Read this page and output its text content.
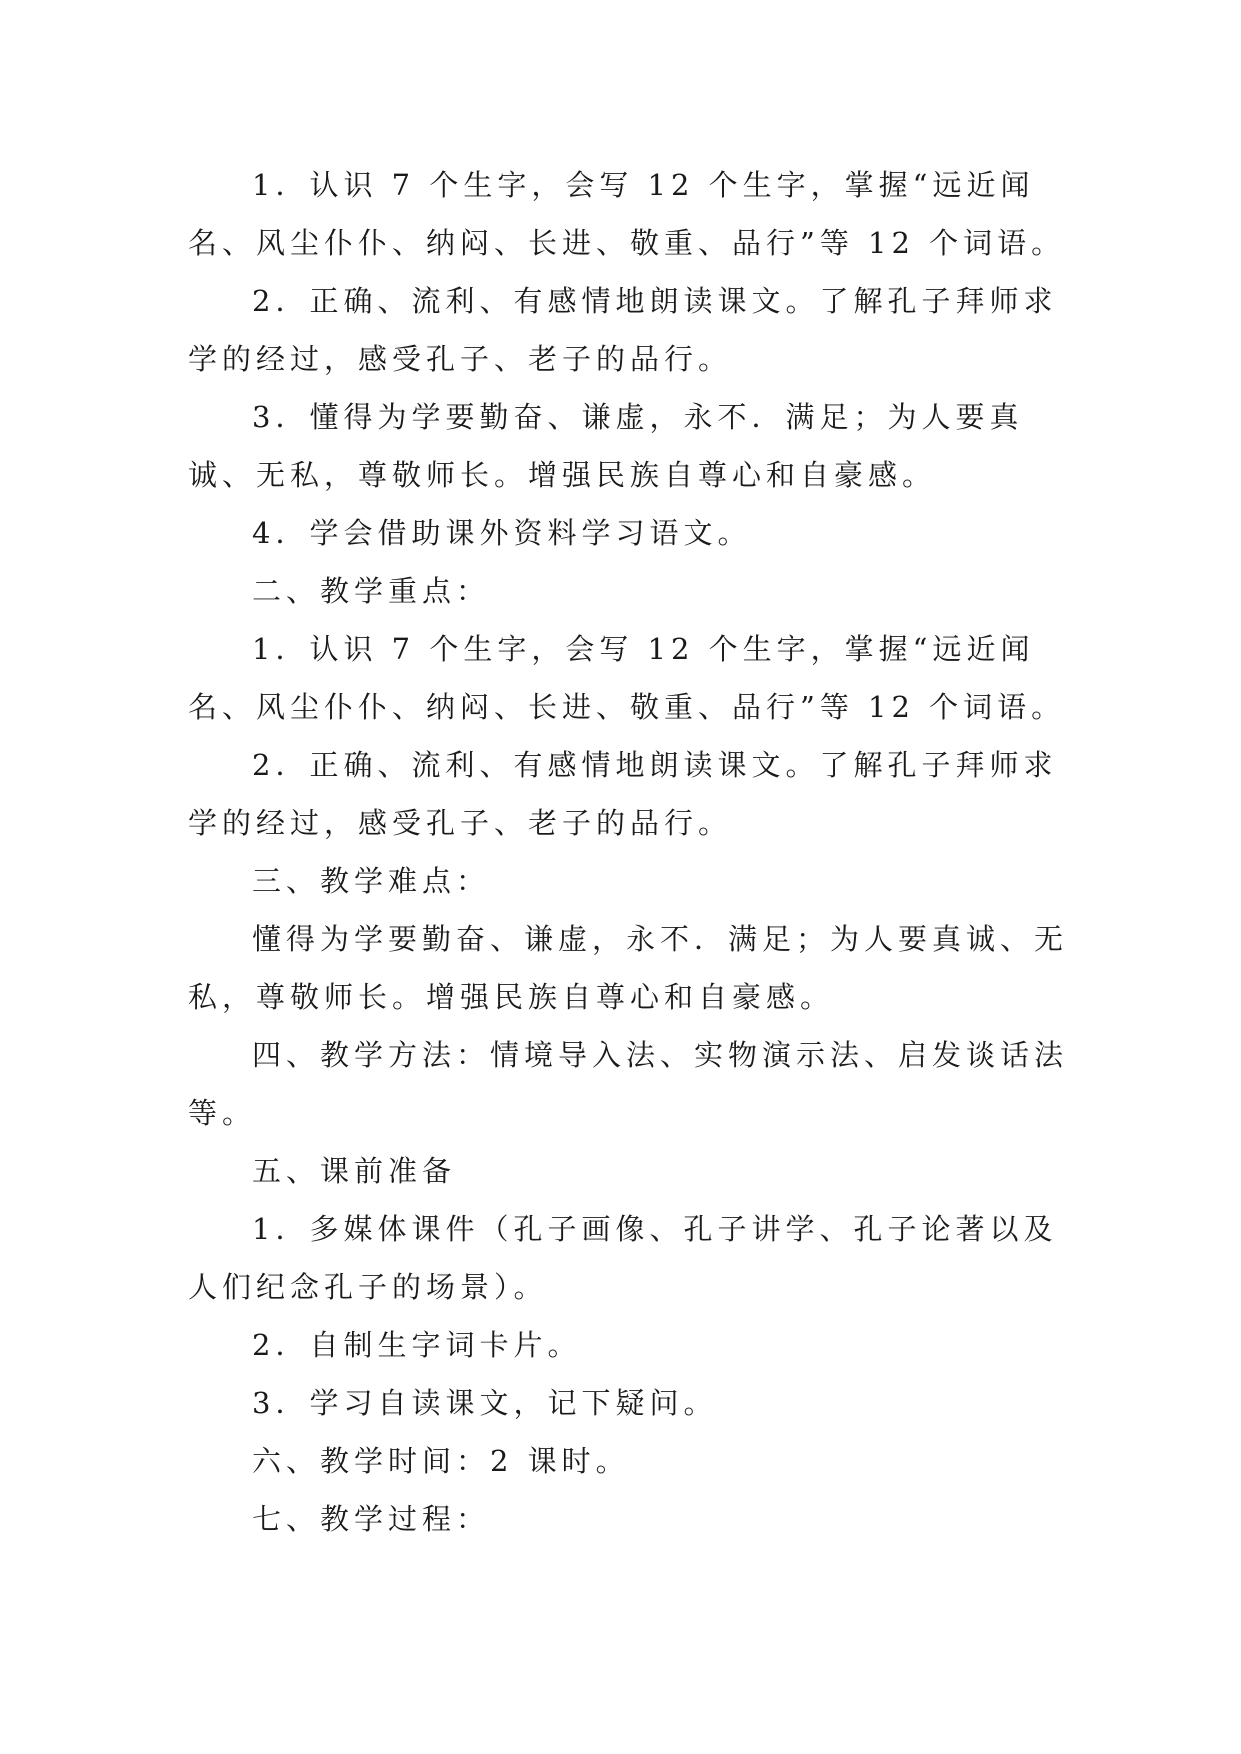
1．认识 7 个生字，会写 12 个生字，掌握“远近闻名、风尘仆仆、纳闷、长进、敬重、品行”等 12 个词语。

2．正确、流利、有感情地朗读课文。了解孔子拜师求学的经过，感受孔子、老子的品行。

3．懂得为学要勤奋、谦虚，永不．满足；为人要真诚、无私，尊敬师长。增强民族自尊心和自豪感。

4．学会借助课外资料学习语文。

二、教学重点：

1．认识 7 个生字，会写 12 个生字，掌握“远近闻名、风尘仆仆、纳闷、长进、敬重、品行”等 12 个词语。

2．正确、流利、有感情地朗读课文。了解孔子拜师求学的经过，感受孔子、老子的品行。

三、教学难点：

懂得为学要勤奋、谦虚，永不．满足；为人要真诚、无私，尊敬师长。增强民族自尊心和自豪感。

四、教学方法：情境导入法、实物演示法、启发谈话法等。

五、课前准备

1．多媒体课件（孔子画像、孔子讲学、孔子论著以及人们纪念孔子的场景）。

2．自制生字词卡片。

3．学习自读课文，记下疑问。

六、教学时间：2 课时。

七、教学过程：
